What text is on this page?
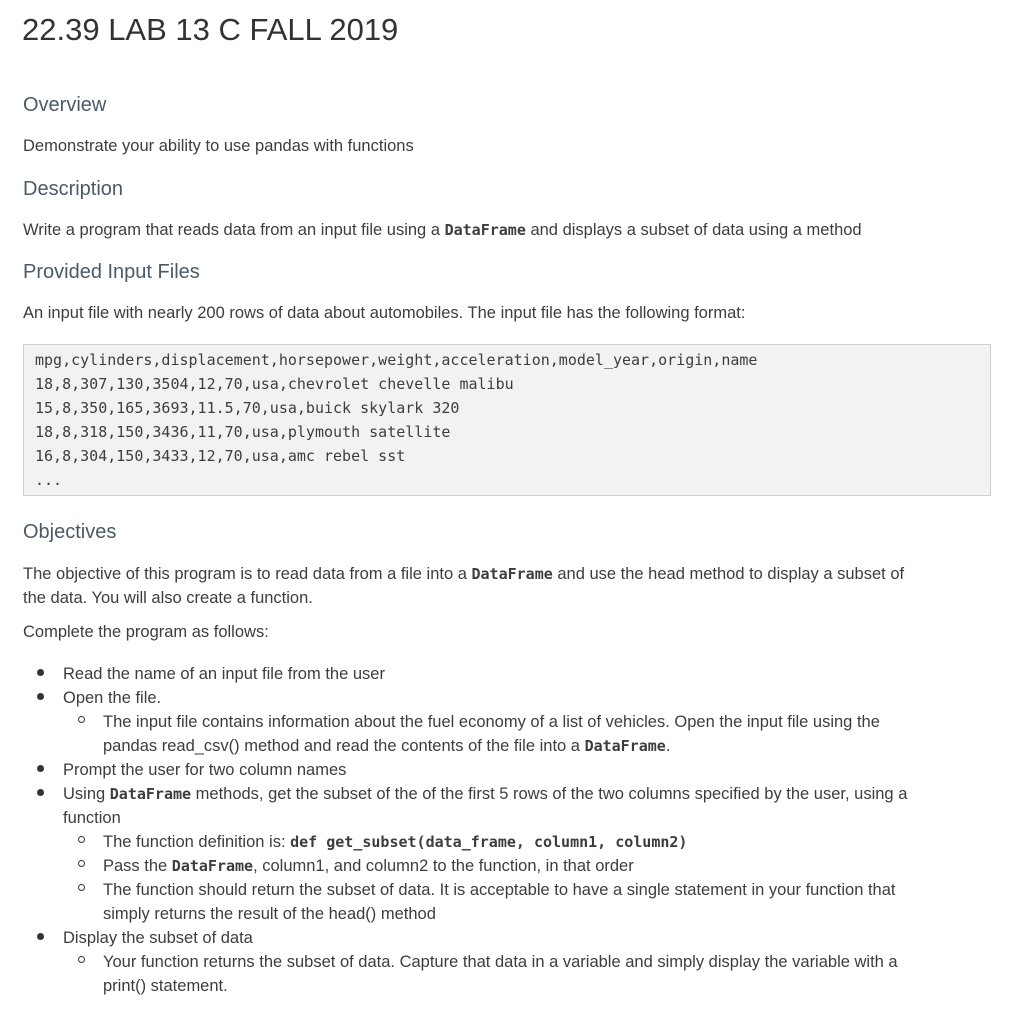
22.39 LAB 13 C FALL 2019
Overview

Demonstrate your ability to use pandas with functions

Description

Write a program that reads data from an input file using a DataFrame and displays a subset of data using a method

Provided Input Files

An input file with nearly 200 rows of data about automobiles. The input file has the following format:

mpg,cylinders,displacement,horsepower,weight,acceleration,model_year,origin,name
18,8,307,130,3504,12,70,usa,chevrolet chevelle malibu
15,8,350,165,3693,11.5,70,usa,buick skylark 320
18,8,318,150,3436,11,70,usa,plymouth satellite
16,8,304,150,3433,12,70,usa,amc rebel sst
...
Objectives

The objective of this program is to read data from a file into a DataFrame and use the head method to display a subset of

the data. You will also create a function.

Complete the program as follows:

Read the name of an input file from the user
Open the file.
The input file contains information about the fuel economy of a list of vehicles. Open the input file using the
pandas read_csv() method and read the contents of the file into a DataFrame.
Prompt the user for two column names
Using DataFrame methods, get the subset of the of the first 5 rows of the two columns specified by the user, using a
function
The function definition is: def get_subset(data_frame, column1, column2)
Pass the DataFrame, column1, and column2 to the function, in that order
The function should return the subset of data. It is acceptable to have a single statement in your function that
simply returns the result of the head() method
Display the subset of data
Your function returns the subset of data. Capture that data in a variable and simply display the variable with a
print() statement.
